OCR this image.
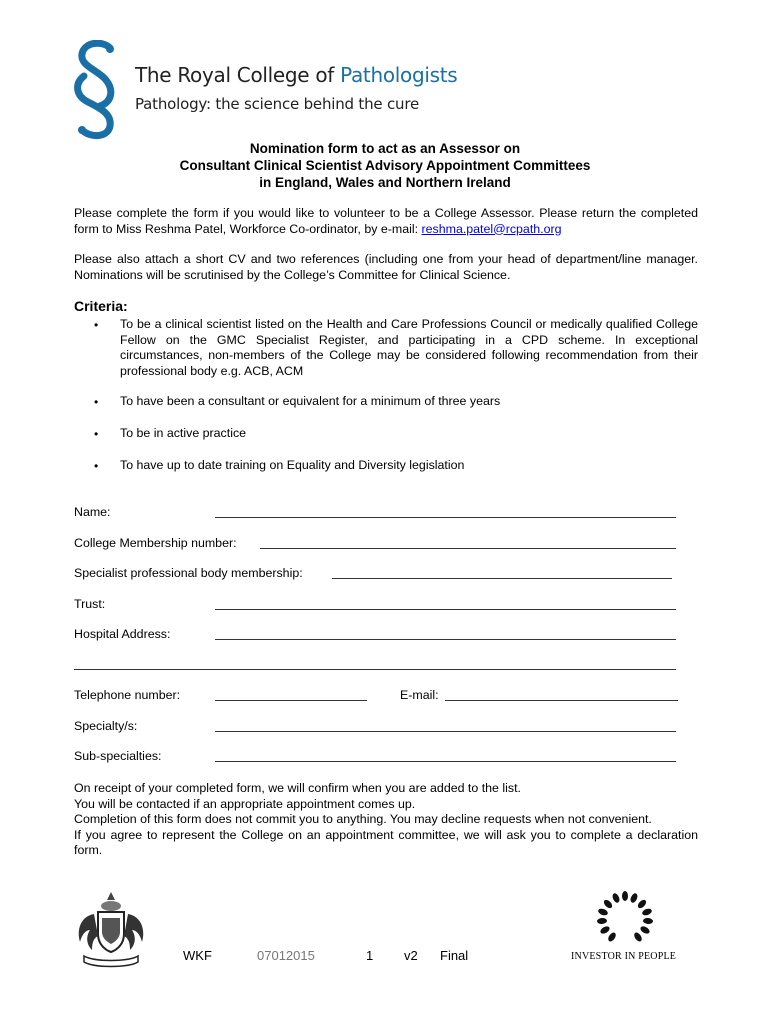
The Royal College of Pathologists
Pathology: the science behind the cure
Nomination form to act as an Assessor on
Consultant Clinical Scientist Advisory Appointment Committees
in England, Wales and Northern Ireland
Please complete the form if you would like to volunteer to be a College Assessor. Please return the completed form to Miss Reshma Patel, Workforce Co-ordinator, by e-mail: reshma.patel@rcpath.org
Please also attach a short CV and two references (including one from your head of department/line manager. Nominations will be scrutinised by the College’s Committee for Clinical Science.
Criteria:
• To be a clinical scientist listed on the Health and Care Professions Council or medically qualified College Fellow on the GMC Specialist Register, and participating in a CPD scheme. In exceptional circumstances, non-members of the College may be considered following recommendation from their professional body e.g. ACB, ACM
• To have been a consultant or equivalent for a minimum of three years
• To be in active practice
• To have up to date training on Equality and Diversity legislation
Name:
College Membership number:
Specialist professional body membership:
Trust:
Hospital Address:
Telephone number:	E-mail:
Specialty/s:
Sub-specialties:
On receipt of your completed form, we will confirm when you are added to the list.
You will be contacted if an appropriate appointment comes up.
Completion of this form does not commit you to anything. You may decline requests when not convenient.
If you agree to represent the College on an appointment committee, we will ask you to complete a declaration form.
WKF	07012015	1 v2 Final	INVESTOR IN PEOPLE
